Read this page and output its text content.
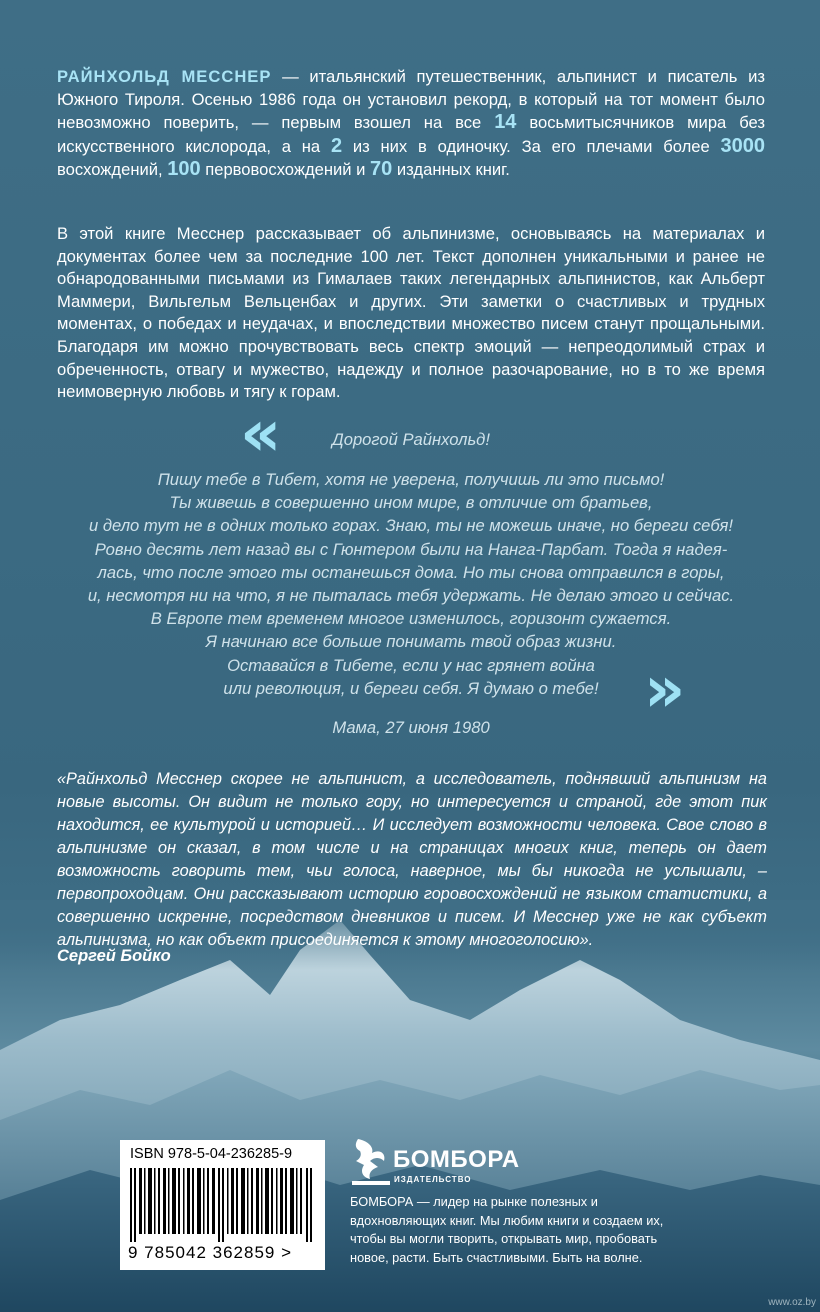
РАЙНХОЛЬД МЕССНЕР — итальянский путешественник, альпинист и писатель из Южного Тироля. Осенью 1986 года он установил рекорд, в который на тот момент было невозможно поверить, — первым взошел на все 14 восьмитысячников мира без искусственного кислорода, а на 2 из них в одиночку. За его плечами более 3000 восхождений, 100 первовосхождений и 70 изданных книг.

В этой книге Месснер рассказывает об альпинизме, основываясь на материалах и документах более чем за последние 100 лет. Текст дополнен уникальными и ранее не обнародованными письмами из Гималаев таких легендарных альпинистов, как Альберт Маммери, Вильгельм Вельценбах и других. Эти заметки о счастливых и трудных моментах, о победах и неудачах, и впоследствии множество писем станут прощальными. Благодаря им можно прочувствовать весь спектр эмоций — непреодолимый страх и обреченность, отвагу и мужество, надежду и полное разочарование, но в то же время неимоверную любовь и тягу к горам.

«	Дорогой Райнхольд!
Пишу тебе в Тибет, хотя не уверена, получишь ли это письмо!
Ты живешь в совершенно ином мире, в отличие от братьев,
и дело тут не в одних только горах. Знаю, ты не можешь иначе, но береги себя!
Ровно десять лет назад вы с Гюнтером были на Нанга-Парбат. Тогда я надея-
лась, что после этого ты останешься дома. Но ты снова отправился в горы,
и, несмотря ни на что, я не пыталась тебя удержать. Не делаю этого и сейчас.
В Европе тем временем многое изменилось, горизонт сужается.
Я начинаю все больше понимать твой образ жизни.
Оставайся в Тибете, если у нас грянет война
или революция, и береги себя. Я думаю о тебе! »
Мама, 27 июня 1980

«Райнхольд Месснер скорее не альпинист, а исследователь, поднявший альпинизм на новые высоты. Он видит не только гору, но интересуется и страной, где этот пик находится, ее культурой и историей… И исследует возможности человека. Свое слово в альпинизме он сказал, в том числе и на страницах многих книг, теперь он дает возможность говорить тем, чьи голоса, наверное, мы бы никогда не услышали, – первопроходцам. Они рассказывают историю горовосхождений не языком статистики, а совершенно искренне, посредством дневников и писем. И Месснер уже не как субъект альпинизма, но как объект присоединяется к этому многоголосию».

Сергей Бойко
ISBN 978-5-04-236285-9
9 785042 362859 >
БОМБОРА
ИЗДАТЕЛЬСТВО
БОМБОРА — лидер на рынке полезных и вдохновляющих книг. Мы любим книги и создаем их, чтобы вы могли творить, открывать мир, пробовать новое, расти. Быть счастливыми. Быть на волне.
www.oz.by
